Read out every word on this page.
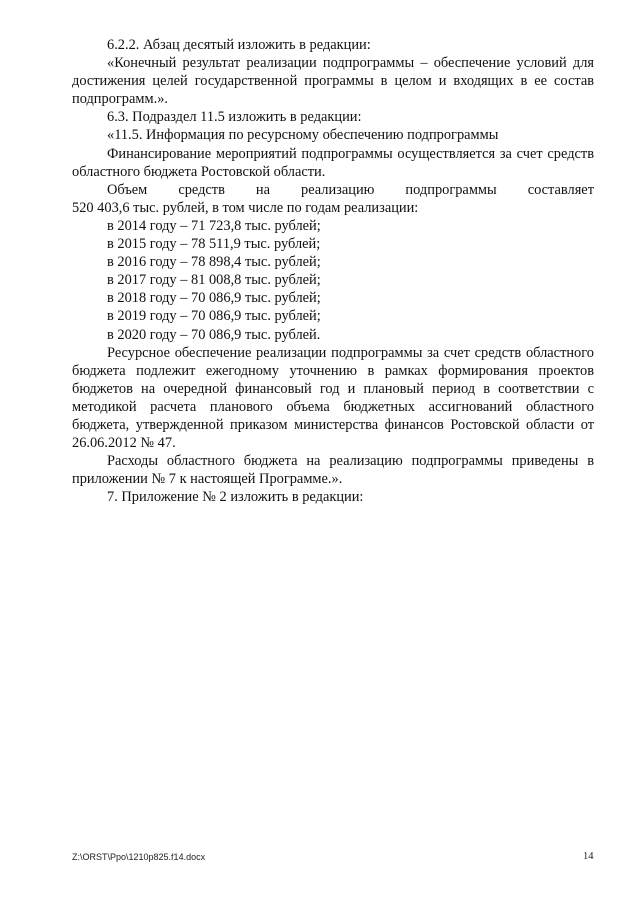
6.2.2. Абзац десятый изложить в редакции:

«Конечный результат реализации подпрограммы – обеспечение условий для достижения целей государственной программы в целом и входящих в ее состав подпрограмм.».

6.3. Подраздел 11.5 изложить в редакции:

«11.5. Информация по ресурсному обеспечению подпрограммы

Финансирование мероприятий подпрограммы осуществляется за счет средств областного бюджета Ростовской области.

Объем средств на реализацию подпрограммы составляет

520 403,6 тыс. рублей, в том числе по годам реализации:

в 2014 году – 71 723,8 тыс. рублей;
в 2015 году – 78 511,9 тыс. рублей;
в 2016 году – 78 898,4 тыс. рублей;
в 2017 году – 81 008,8 тыс. рублей;
в 2018 году – 70 086,9 тыс. рублей;
в 2019 году – 70 086,9 тыс. рублей;
в 2020 году – 70 086,9 тыс. рублей.

Ресурсное обеспечение реализации подпрограммы за счет средств областного бюджета подлежит ежегодному уточнению в рамках формирования проектов бюджетов на очередной финансовый год и плановый период в соответствии с методикой расчета планового объема бюджетных ассигнований областного бюджета, утвержденной приказом министерства финансов Ростовской области от 26.06.2012 № 47.

Расходы областного бюджета на реализацию подпрограммы приведены в приложении № 7 к настоящей Программе.».

7. Приложение № 2 изложить в редакции:

Z:\ORST\Ppo\1210p825.f14.docx	14
